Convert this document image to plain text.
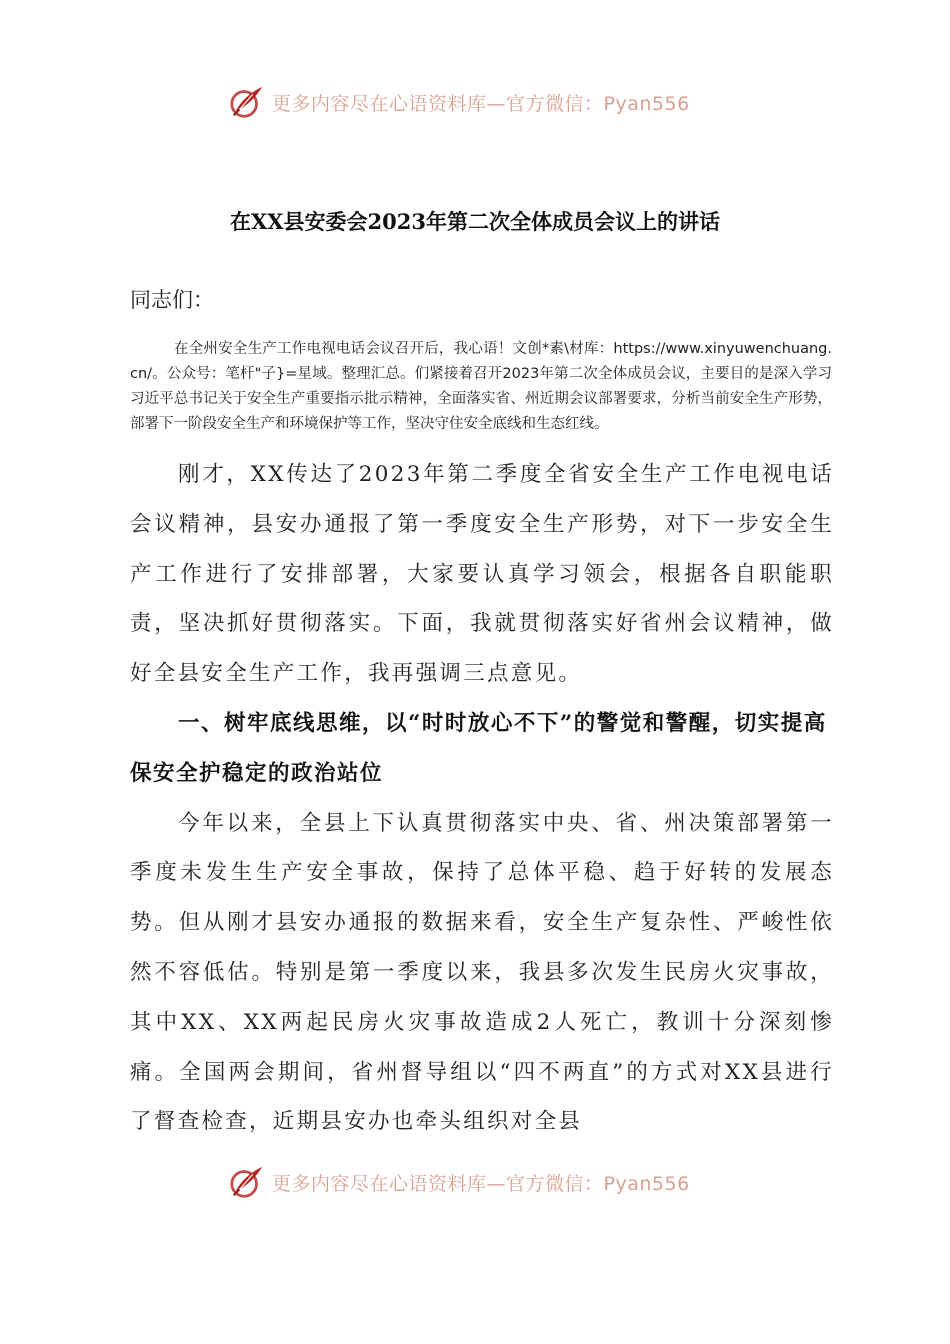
更多内容尽在心语资料库—官方微信：Pyan556
在XX县安委会2023年第二次全体成员会议上的讲话
同志们：

在全州安全生产工作电视电话会议召开后，我心语！文创*素\材库：https://www.xinyuwenchuang.cn/。公众号：笔杆"子}=星域。整理汇总。们紧接着召开2023年第二次全体成员会议，主要目的是深入学习习近平总书记关于安全生产重要指示批示精神，全面落实省、州近期会议部署要求，分析当前安全生产形势，部署下一阶段安全生产和环境保护等工作，坚决守住安全底线和生态红线。

刚才，XX传达了2023年第二季度全省安全生产工作电视电话会议精神，县安办通报了第一季度安全生产形势，对下一步安全生产工作进行了安排部署，大家要认真学习领会，根据各自职能职责，坚决抓好贯彻落实。下面，我就贯彻落实好省州会议精神，做好全县安全生产工作，我再强调三点意见。

一、树牢底线思维，以“时时放心不下”的警觉和警醒，切实提高保安全护稳定的政治站位

今年以来，全县上下认真贯彻落实中央、省、州决策部署第一季度未发生生产安全事故，保持了总体平稳、趋于好转的发展态势。但从刚才县安办通报的数据来看，安全生产复杂性、严峻性依然不容低估。特别是第一季度以来，我县多次发生民房火灾事故，其中XX、XX两起民房火灾事故造成2人死亡，教训十分深刻惨痛。全国两会期间，省州督导组以“四不两直”的方式对XX县进行了督查检查，近期县安办也牵头组织对全县

更多内容尽在心语资料库—官方微信：Pyan556
